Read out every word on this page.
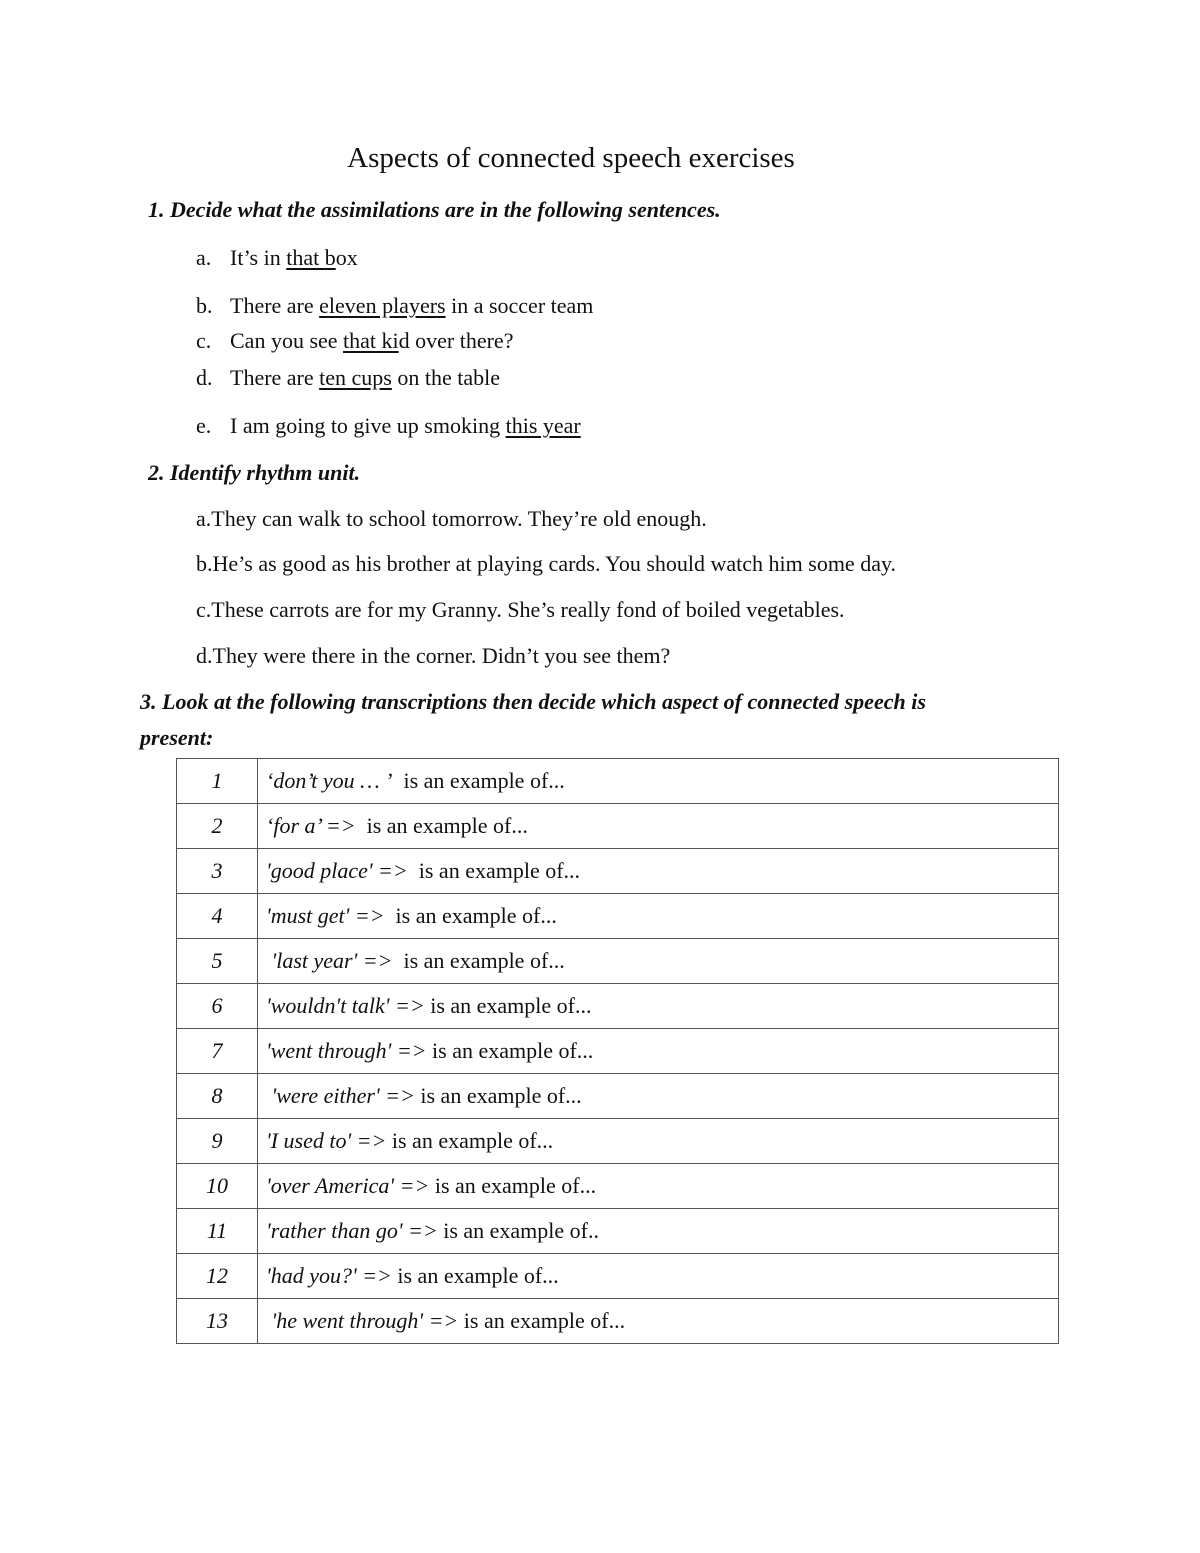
Aspects of connected speech exercises
1. Decide what the assimilations are in the following sentences.
a. It’s in that box
b. There are eleven players in a soccer team
c. Can you see that kid over there?
d. There are ten cups on the table
e. I am going to give up smoking this year
2. Identify rhythm unit.
a.They can walk to school tomorrow. They’re old enough.
b.He’s as good as his brother at playing cards. You should watch him some day.
c.These carrots are for my Granny. She’s really fond of boiled vegetables.
d.They were there in the corner. Didn’t you see them?
3. Look at the following transcriptions then decide which aspect of connected speech is
present:
1	‘don’t you … ’  is an example of...
2	‘for a’ =>  is an example of...
3	'good place' =>  is an example of...
4	'must get' =>  is an example of...
5	'last year' =>  is an example of...
6	'wouldn't talk' => is an example of...
7	'went through' => is an example of...
8	'were either' => is an example of...
9	'I used to' => is an example of...
10	'over America' => is an example of...
11	'rather than go' => is an example of..
12	'had you?' => is an example of...
13	'he went through' => is an example of...
